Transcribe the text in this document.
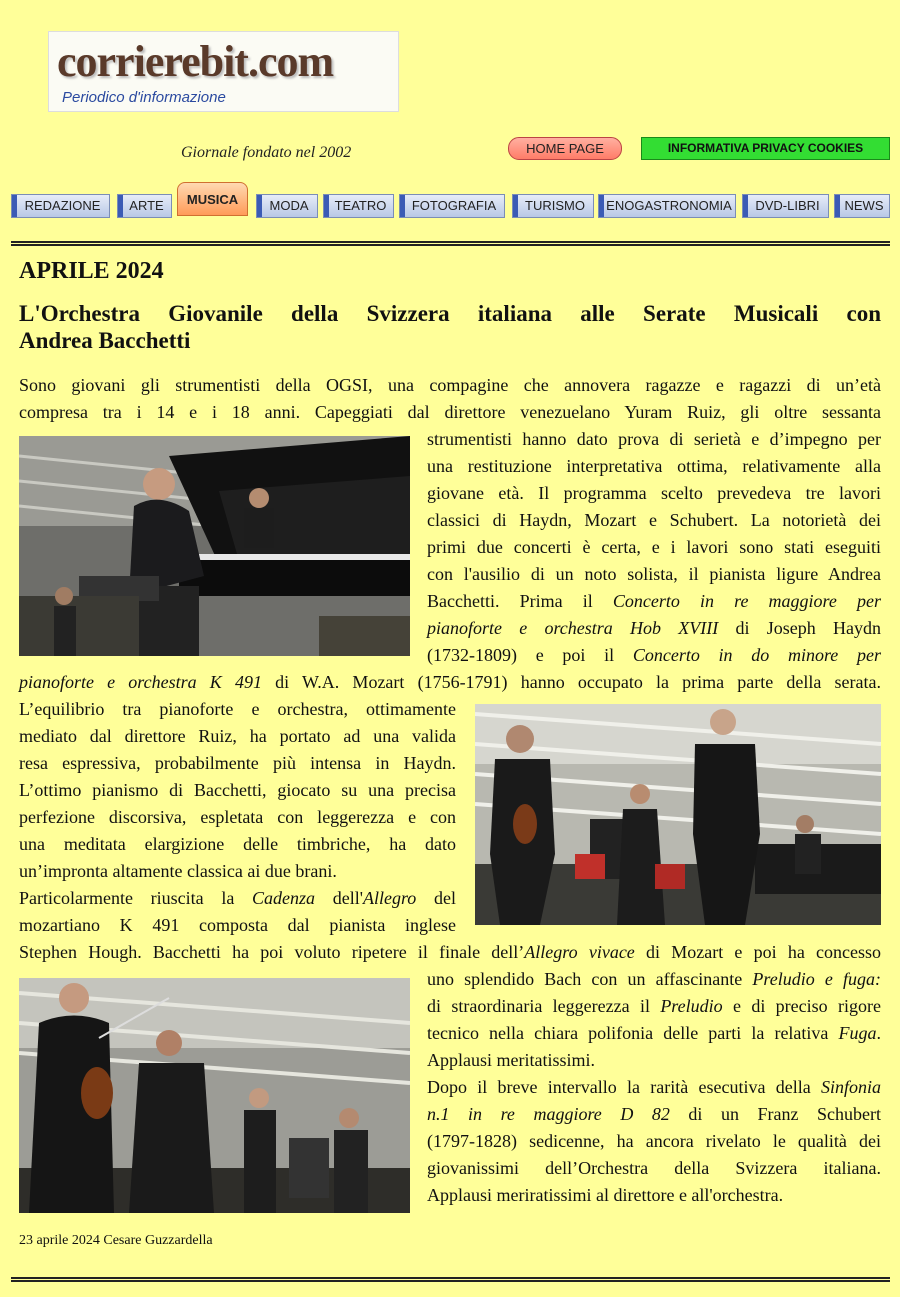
corrierebit.com
Periodico d'informazione
Giornale fondato nel 2002	HOME PAGE	INFORMATIVA PRIVACY COOKIES
REDAZIONE	ARTE	MUSICA	MODA	TEATRO	FOTOGRAFIA	TURISMO	ENOGASTRONOMIA	DVD-LIBRI	NEWS
APRILE 2024
L'Orchestra Giovanile della Svizzera italiana alle Serate Musicali con
Andrea Bacchetti
Sono giovani gli strumentisti della OGSI, una compagine che annovera ragazze e ragazzi di un’età
compresa tra i 14 e i 18 anni. Capeggiati dal direttore venezuelano Yuram Ruiz, gli oltre sessanta
strumentisti hanno dato prova di serietà e d’impegno per
una restituzione interpretativa ottima, relativamente alla
giovane età. Il programma scelto prevedeva tre lavori
classici di Haydn, Mozart e Schubert. La notorietà dei
primi due concerti è certa, e i lavori sono stati eseguiti
con l'ausilio di un noto solista, il pianista ligure Andrea
Bacchetti. Prima il Concerto in re maggiore per
pianoforte e orchestra Hob XVIII di Joseph Haydn
(1732-1809) e poi il Concerto in do minore per
pianoforte e orchestra K 491 di W.A. Mozart (1756-1791) hanno occupato la prima parte della serata.
L’equilibrio tra pianoforte e orchestra, ottimamente
mediato dal direttore Ruiz, ha portato ad una valida
resa espressiva, probabilmente più intensa in Haydn.
L’ottimo pianismo di Bacchetti, giocato su una precisa
perfezione discorsiva, espletata con leggerezza e con
una meditata elargizione delle timbriche, ha dato
un’impronta altamente classica ai due brani.
Particolarmente riuscita la Cadenza dell'Allegro del
mozartiano K 491 composta dal pianista inglese
Stephen Hough. Bacchetti ha poi voluto ripetere il finale dell’Allegro vivace di Mozart e poi ha concesso
uno splendido Bach con un affascinante Preludio e fuga:
di straordinaria leggerezza il Preludio e di preciso rigore
tecnico nella chiara polifonia delle parti la relativa Fuga.
Applausi meritatissimi.
Dopo il breve intervallo la rarità esecutiva della Sinfonia
n.1 in re maggiore D 82 di un Franz Schubert
(1797-1828) sedicenne, ha ancora rivelato le qualità dei
giovanissimi dell’Orchestra della Svizzera italiana.
Applausi meriratissimi al direttore e all'orchestra.
23 aprile 2024 Cesare Guzzardella
